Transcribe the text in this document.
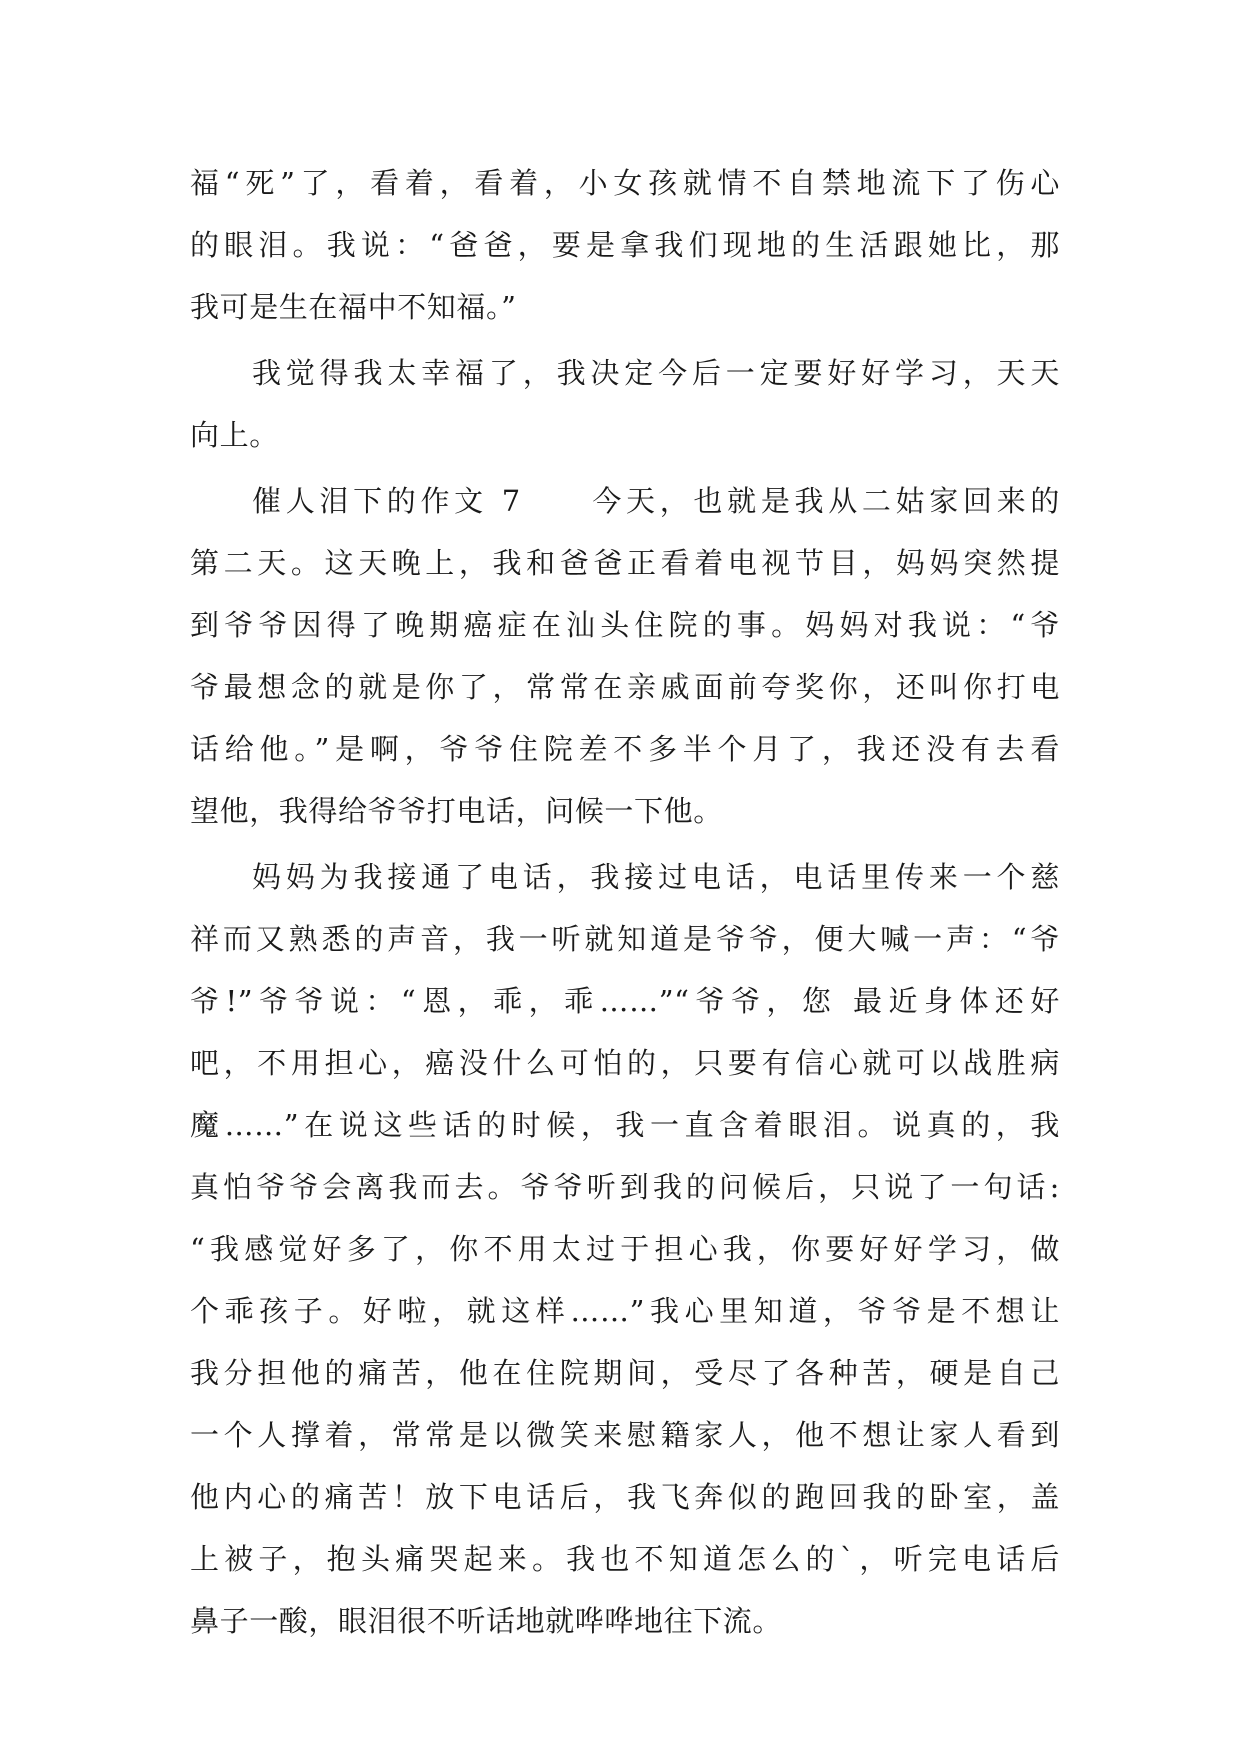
福“死”了，看着，看着，小女孩就情不自禁地流下了伤心
的眼泪。我说：“爸爸，要是拿我们现地的生活跟她比，那
我可是生在福中不知福。”
我觉得我太幸福了，我决定今后一定要好好学习，天天
向上。
催人泪下的作文 7　　今天，也就是我从二姑家回来的
第二天。这天晚上，我和爸爸正看着电视节目，妈妈突然提
到爷爷因得了晚期癌症在汕头住院的事。妈妈对我说：“爷
爷最想念的就是你了，常常在亲戚面前夸奖你，还叫你打电
话给他。”是啊，爷爷住院差不多半个月了，我还没有去看
望他，我得给爷爷打电话，问候一下他。
妈妈为我接通了电话，我接过电话，电话里传来一个慈
祥而又熟悉的声音，我一听就知道是爷爷，便大喊一声：“爷
爷!”爷爷说：“恩，乖，乖……”“爷爷，您 最近身体还好
吧，不用担心，癌没什么可怕的，只要有信心就可以战胜病
魔……”在说这些话的时候，我一直含着眼泪。说真的，我
真怕爷爷会离我而去。爷爷听到我的问候后，只说了一句话:
“我感觉好多了，你不用太过于担心我，你要好好学习，做
个乖孩子。好啦，就这样……”我心里知道，爷爷是不想让
我分担他的痛苦，他在住院期间，受尽了各种苦，硬是自己
一个人撑着，常常是以微笑来慰籍家人，他不想让家人看到
他内心的痛苦！放下电话后，我飞奔似的跑回我的卧室，盖
上被子，抱头痛哭起来。我也不知道怎么的`，听完电话后
鼻子一酸，眼泪很不听话地就哗哗地往下流。
